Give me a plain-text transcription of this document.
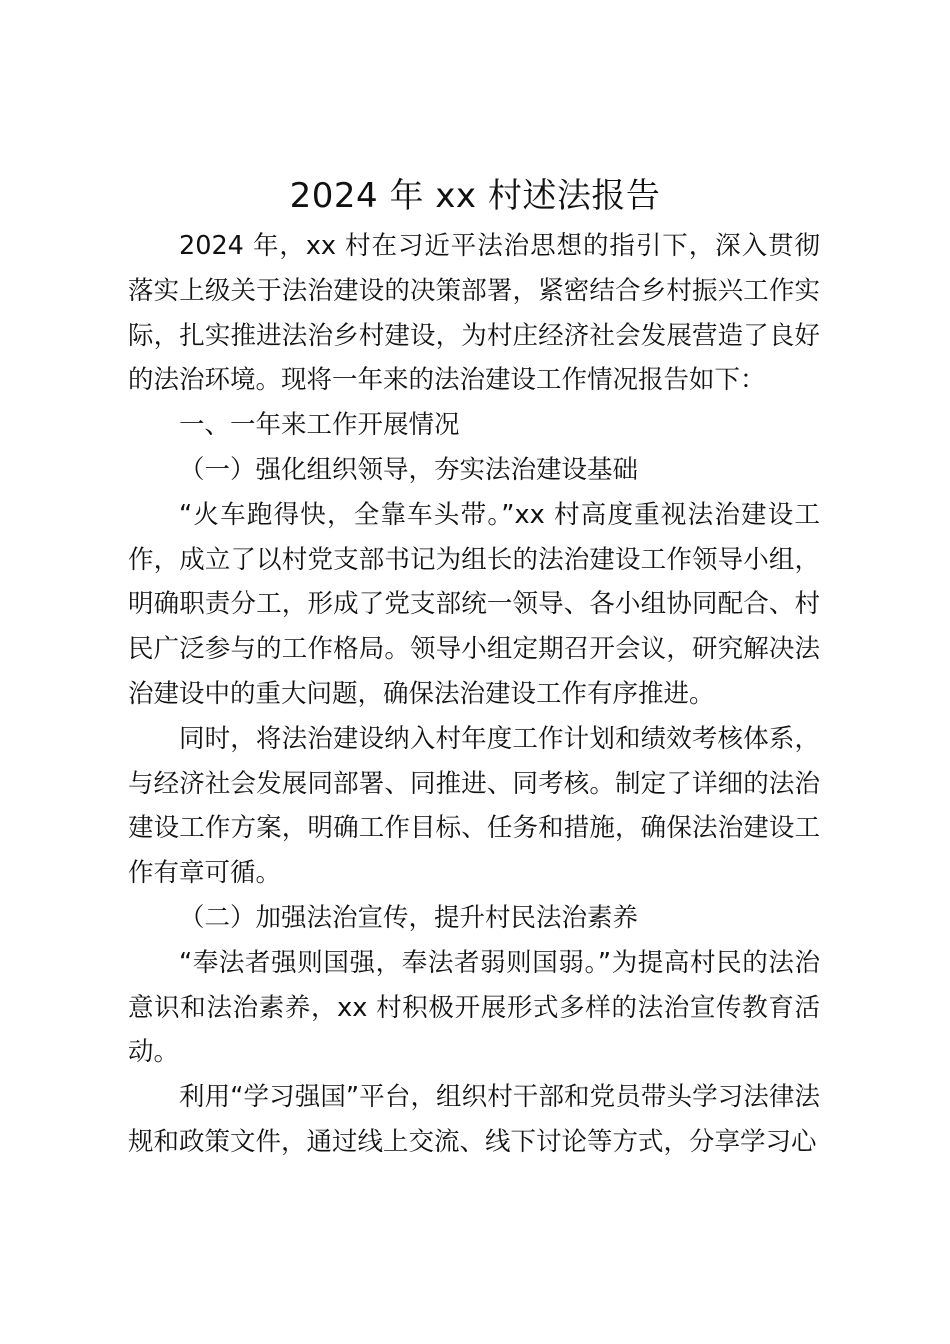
2024 年 xx 村述法报告

2024 年，xx 村在习近平法治思想的指引下，深入贯彻落实上级关于法治建设的决策部署，紧密结合乡村振兴工作实际，扎实推进法治乡村建设，为村庄经济社会发展营造了良好的法治环境。现将一年来的法治建设工作情况报告如下：

一、一年来工作开展情况

（一）强化组织领导，夯实法治建设基础

“火车跑得快，全靠车头带。”xx 村高度重视法治建设工作，成立了以村党支部书记为组长的法治建设工作领导小组，明确职责分工，形成了党支部统一领导、各小组协同配合、村民广泛参与的工作格局。领导小组定期召开会议，研究解决法治建设中的重大问题，确保法治建设工作有序推进。

同时，将法治建设纳入村年度工作计划和绩效考核体系，与经济社会发展同部署、同推进、同考核。制定了详细的法治建设工作方案，明确工作目标、任务和措施，确保法治建设工作有章可循。

（二）加强法治宣传，提升村民法治素养

“奉法者强则国强，奉法者弱则国弱。”为提高村民的法治意识和法治素养，xx 村积极开展形式多样的法治宣传教育活动。

利用“学习强国”平台，组织村干部和党员带头学习法律法规和政策文件，通过线上交流、线下讨论等方式，分享学习心
